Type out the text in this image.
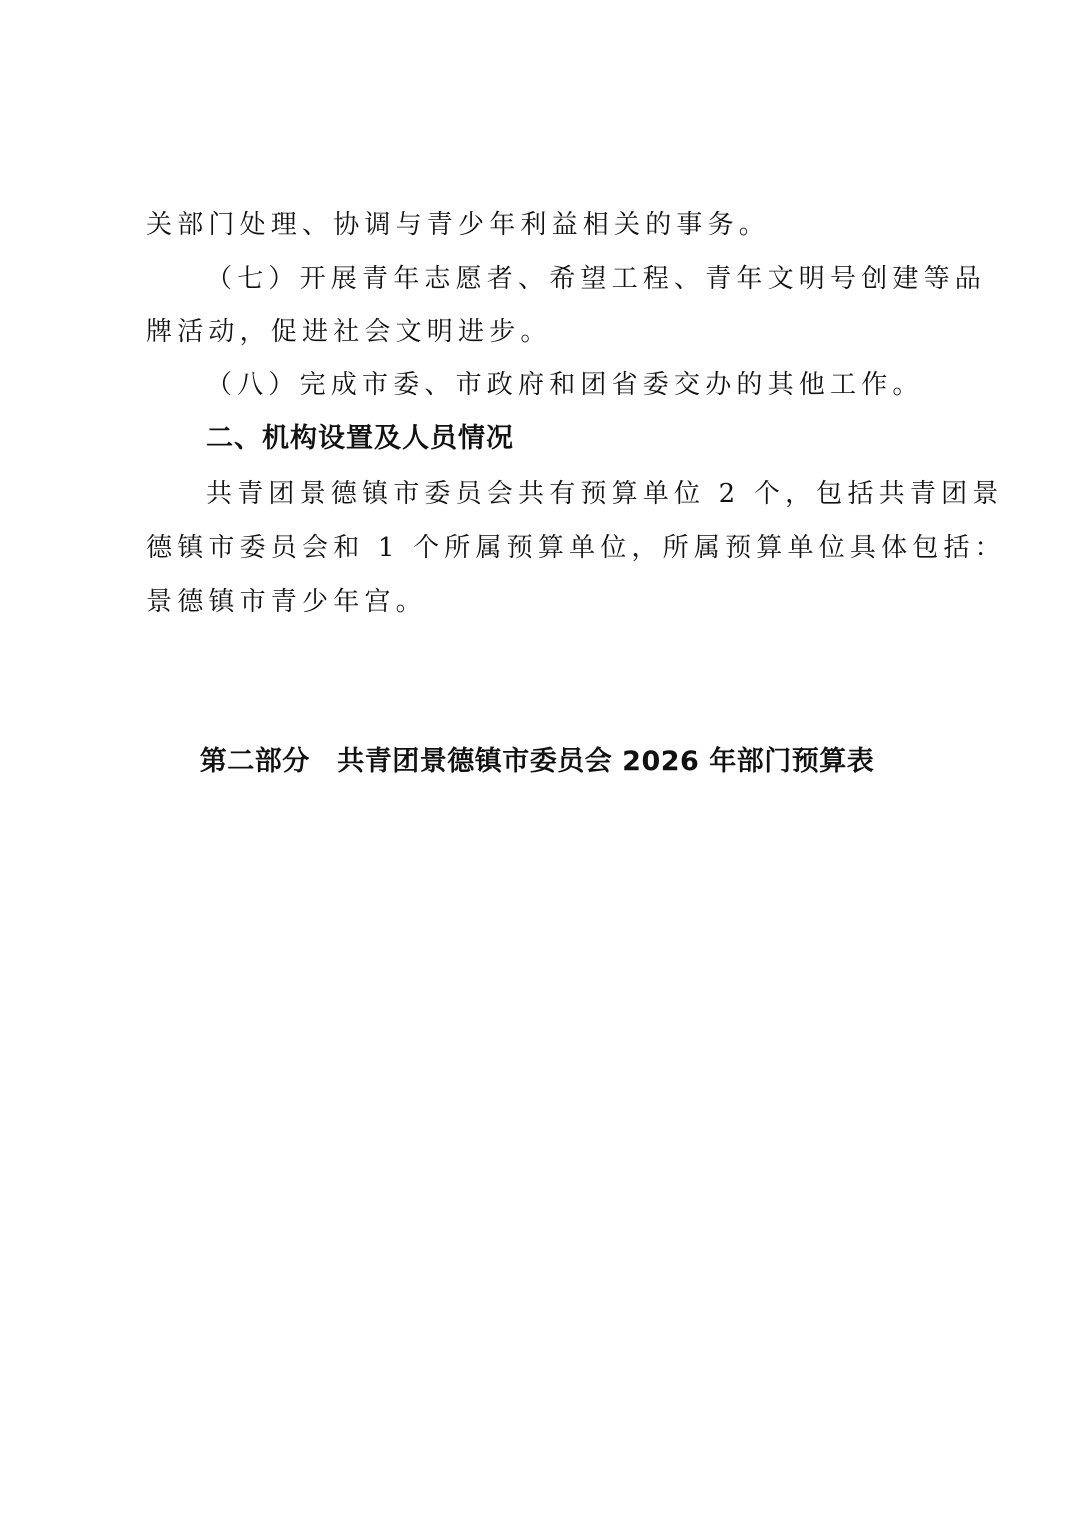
关部门处理、协调与青少年利益相关的事务。
（七）开展青年志愿者、希望工程、青年文明号创建等品
牌活动，促进社会文明进步。
（八）完成市委、市政府和团省委交办的其他工作。
二、机构设置及人员情况
共青团景德镇市委员会共有预算单位 2 个，包括共青团景
德镇市委员会和 1 个所属预算单位，所属预算单位具体包括：
景德镇市青少年宫。
第二部分　共青团景德镇市委员会 2026 年部门预算表
